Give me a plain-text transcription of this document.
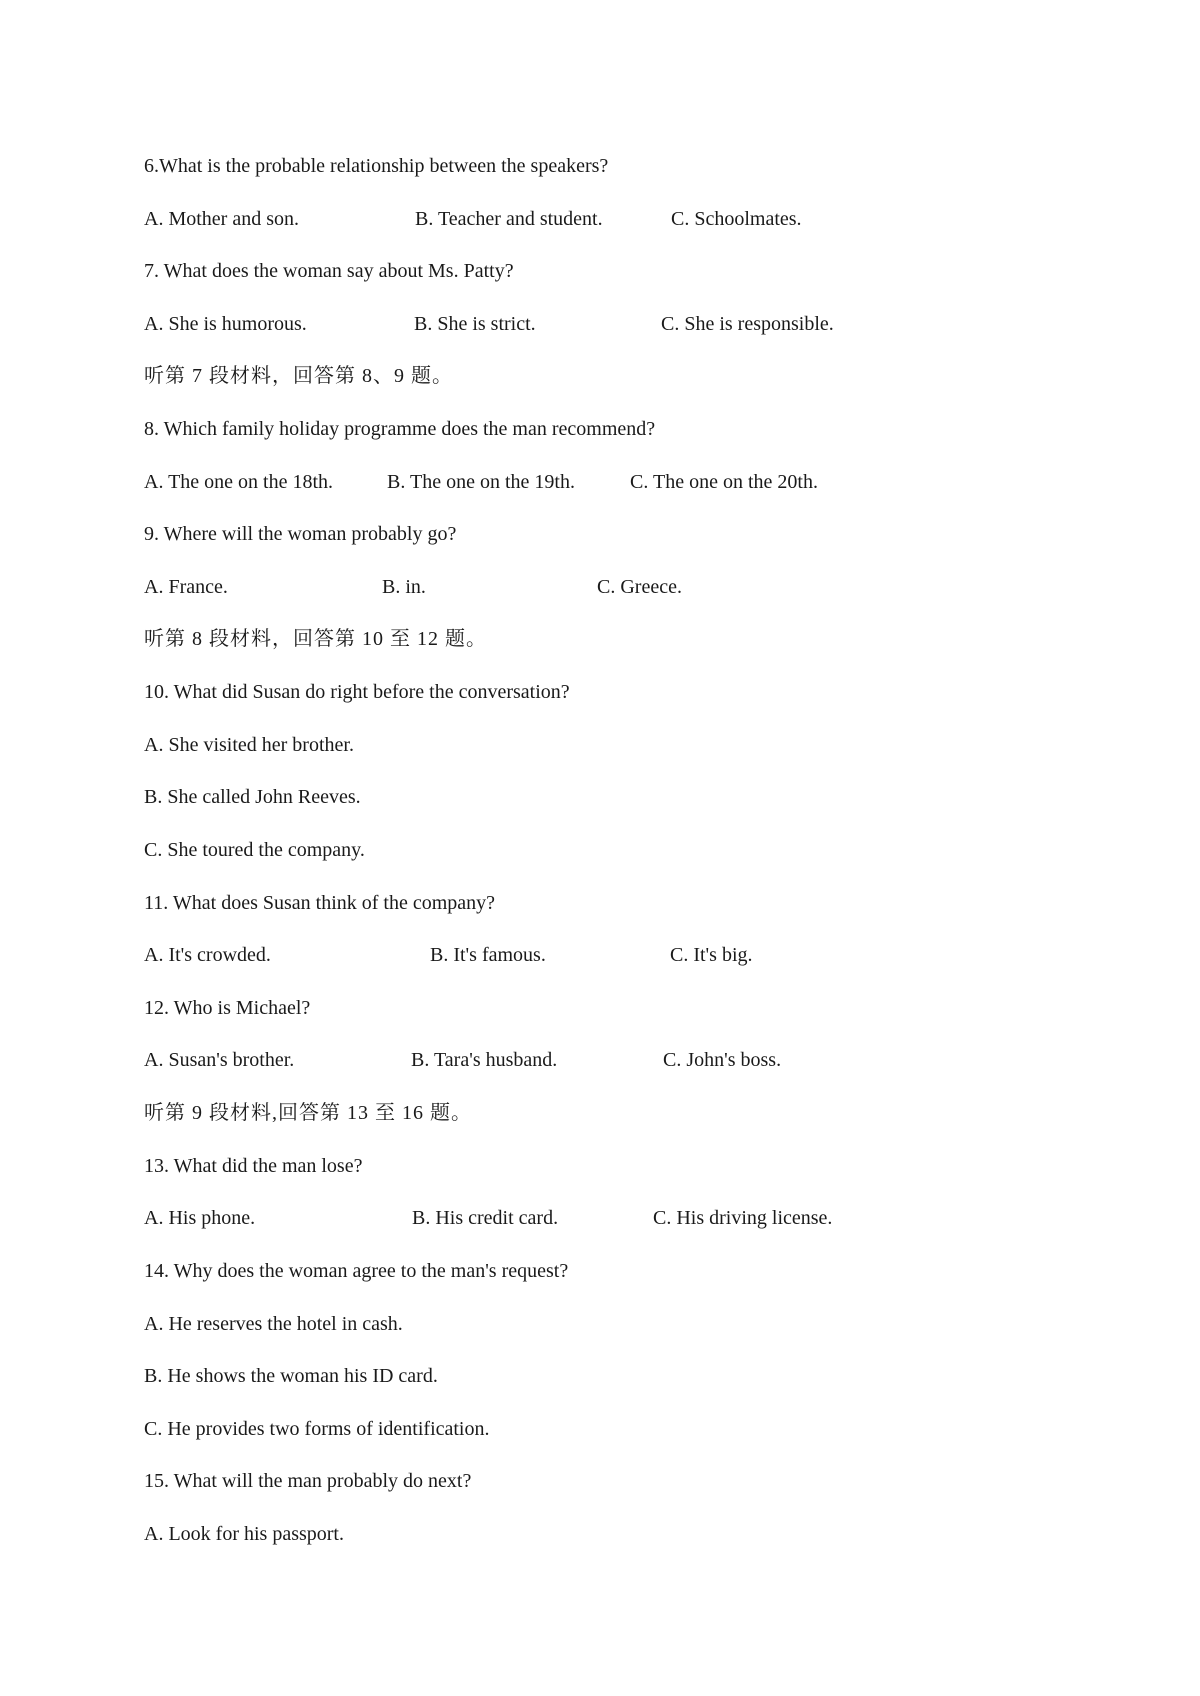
6.What is the probable relationship between the speakers?
A. Mother and son.	B. Teacher and student.	C. Schoolmates.
7. What does the woman say about Ms. Patty?
A. She is humorous.	B. She is strict.	C. She is responsible.
听第 7 段材料，回答第 8、9 题。
8. Which family holiday programme does the man recommend?
A. The one on the 18th.	B. The one on the 19th.	C. The one on the 20th.
9. Where will the woman probably go?
A. France.	B. in.	C. Greece.
听第 8 段材料，回答第 10 至 12 题。
10. What did Susan do right before the conversation?
A. She visited her brother.
B. She called John Reeves.
C. She toured the company.
11. What does Susan think of the company?
A. It's crowded.	B. It's famous.	C. It's big.
12. Who is Michael?
A. Susan's brother.	B. Tara's husband.	C. John's boss.
听第 9 段材料,回答第 13 至 16 题。
13. What did the man lose?
A. His phone.	B. His credit card.	C. His driving license.
14. Why does the woman agree to the man's request?
A. He reserves the hotel in cash.
B. He shows the woman his ID card.
C. He provides two forms of identification.
15. What will the man probably do next?
A. Look for his passport.
